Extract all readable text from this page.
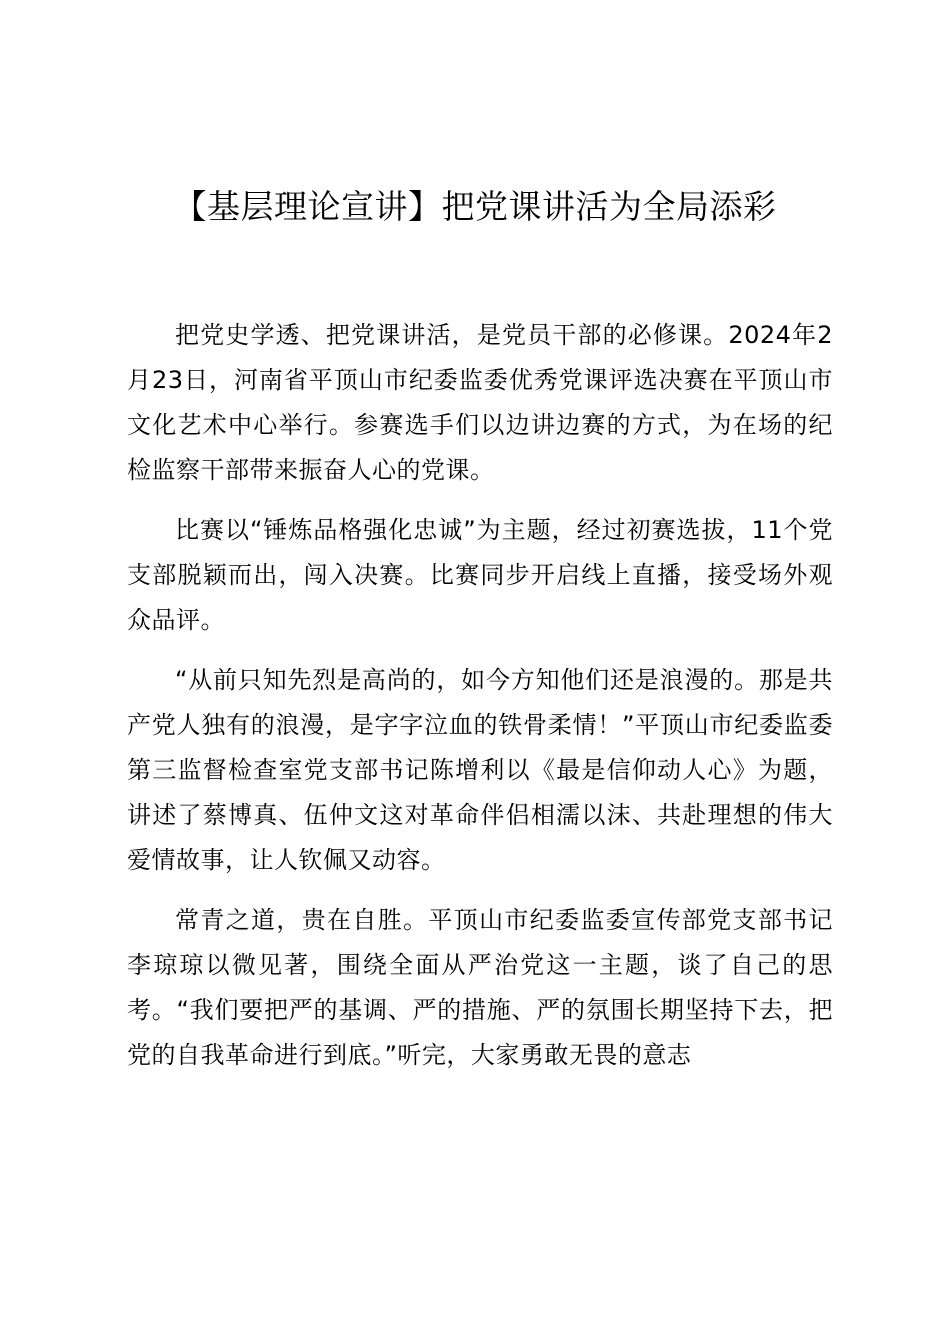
【基层理论宣讲】把党课讲活为全局添彩

把党史学透、把党课讲活，是党员干部的必修课。2024年2月23日，河南省平顶山市纪委监委优秀党课评选决赛在平顶山市文化艺术中心举行。参赛选手们以边讲边赛的方式，为在场的纪检监察干部带来振奋人心的党课。

比赛以“锤炼品格强化忠诚”为主题，经过初赛选拔，11个党支部脱颖而出，闯入决赛。比赛同步开启线上直播，接受场外观众品评。

“从前只知先烈是高尚的，如今方知他们还是浪漫的。那是共产党人独有的浪漫，是字字泣血的铁骨柔情！”平顶山市纪委监委第三监督检查室党支部书记陈增利以《最是信仰动人心》为题，讲述了蔡博真、伍仲文这对革命伴侣相濡以沫、共赴理想的伟大爱情故事，让人钦佩又动容。

常青之道，贵在自胜。平顶山市纪委监委宣传部党支部书记李琼琼以微见著，围绕全面从严治党这一主题，谈了自己的思考。“我们要把严的基调、严的措施、严的氛围长期坚持下去，把党的自我革命进行到底。”听完，大家勇敢无畏的意志
